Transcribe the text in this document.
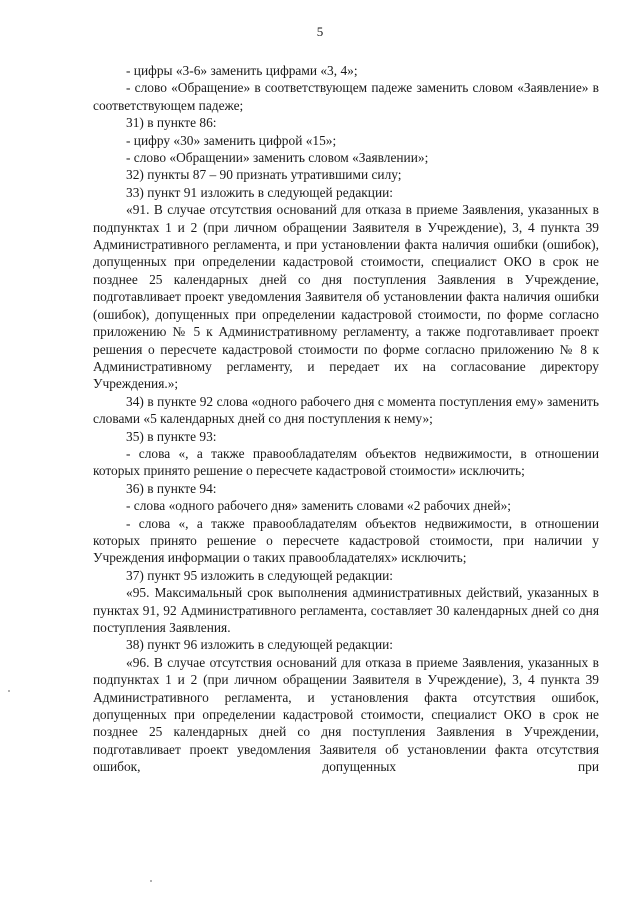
5

- цифры «3-6» заменить цифрами «3, 4»;

- слово «Обращение» в соответствующем падеже заменить словом «Заявление» в соответствующем падеже;

31) в пункте 86:

- цифру «30» заменить цифрой «15»;

- слово «Обращении» заменить словом «Заявлении»;

32) пункты 87 – 90 признать утратившими силу;

33) пункт 91 изложить в следующей редакции:

«91. В случае отсутствия оснований для отказа в приеме Заявления, указанных в подпунктах 1 и 2 (при личном обращении Заявителя в Учреждение), 3, 4 пункта 39 Административного регламента, и при установлении факта наличия ошибки (ошибок), допущенных при определении кадастровой стоимости, специалист ОКО в срок не позднее 25 календарных дней со дня поступления Заявления в Учреждение, подготавливает проект уведомления Заявителя об установлении факта наличия ошибки (ошибок), допущенных при определении кадастровой стоимости, по форме согласно приложению № 5 к Административному регламенту, а также подготавливает проект решения о пересчете кадастровой стоимости по форме согласно приложению № 8 к Административному регламенту, и передает их на согласование директору Учреждения.»;

34) в пункте 92 слова «одного рабочего дня с момента поступления ему» заменить словами «5 календарных дней со дня поступления к нему»;

35) в пункте 93:

- слова «, а также правообладателям объектов недвижимости, в отношении которых принято решение о пересчете кадастровой стоимости» исключить;

36) в пункте 94:

- слова «одного рабочего дня» заменить словами «2 рабочих дней»;

- слова «, а также правообладателям объектов недвижимости, в отношении которых принято решение о пересчете кадастровой стоимости, при наличии у Учреждения информации о таких правообладателях» исключить;

37) пункт 95 изложить в следующей редакции:

«95. Максимальный срок выполнения административных действий, указанных в пунктах 91, 92 Административного регламента, составляет 30 календарных дней со дня поступления Заявления.

38) пункт 96 изложить в следующей редакции:

«96. В случае отсутствия оснований для отказа в приеме Заявления, указанных в подпунктах 1 и 2 (при личном обращении Заявителя в Учреждение), 3, 4 пункта 39 Административного регламента, и установления факта отсутствия ошибок, допущенных при определении кадастровой стоимости, специалист ОКО в срок не позднее 25 календарных дней со дня поступления Заявления в Учреждении, подготавливает проект уведомления Заявителя об установлении факта отсутствия ошибок, допущенных при
